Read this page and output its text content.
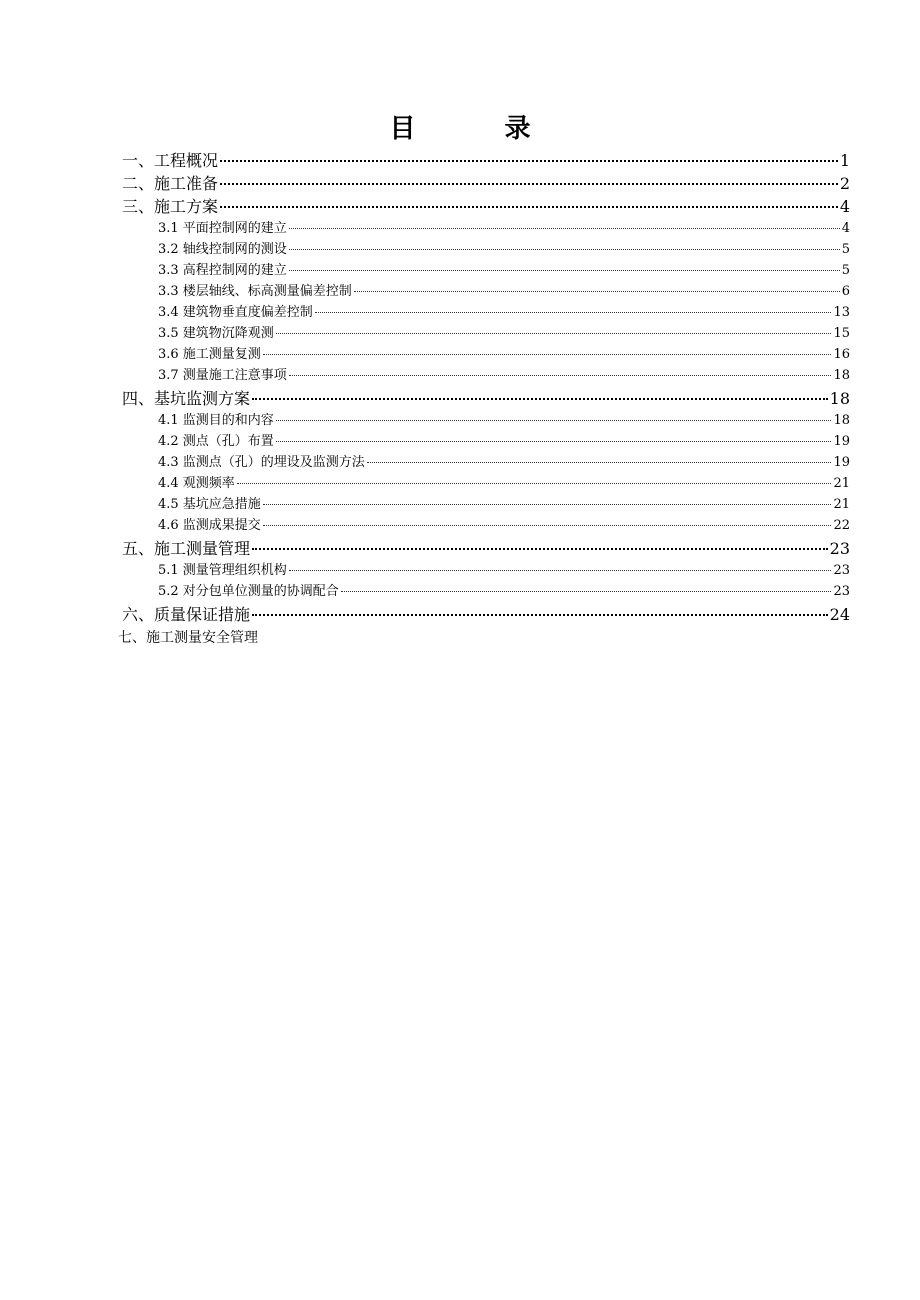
目 录
一、工程概况	1
二、施工准备	2
三、施工方案	4
3.1 平面控制网的建立	4
3.2 轴线控制网的测设	5
3.3 高程控制网的建立	5
3.3 楼层轴线、标高测量偏差控制	6
3.4 建筑物垂直度偏差控制	13
3.5 建筑物沉降观测	15
3.6 施工测量复测	16
3.7 测量施工注意事项	18
四、基坑监测方案	18
4.1 监测目的和内容	18
4.2 测点（孔）布置	19
4.3 监测点（孔）的埋设及监测方法	19
4.4 观测频率	21
4.5 基坑应急措施	21
4.6 监测成果提交	22
五、施工测量管理	23
5.1 测量管理组织机构	23
5.2 对分包单位测量的协调配合	23
六、质量保证措施	24
七、施工测量安全管理
